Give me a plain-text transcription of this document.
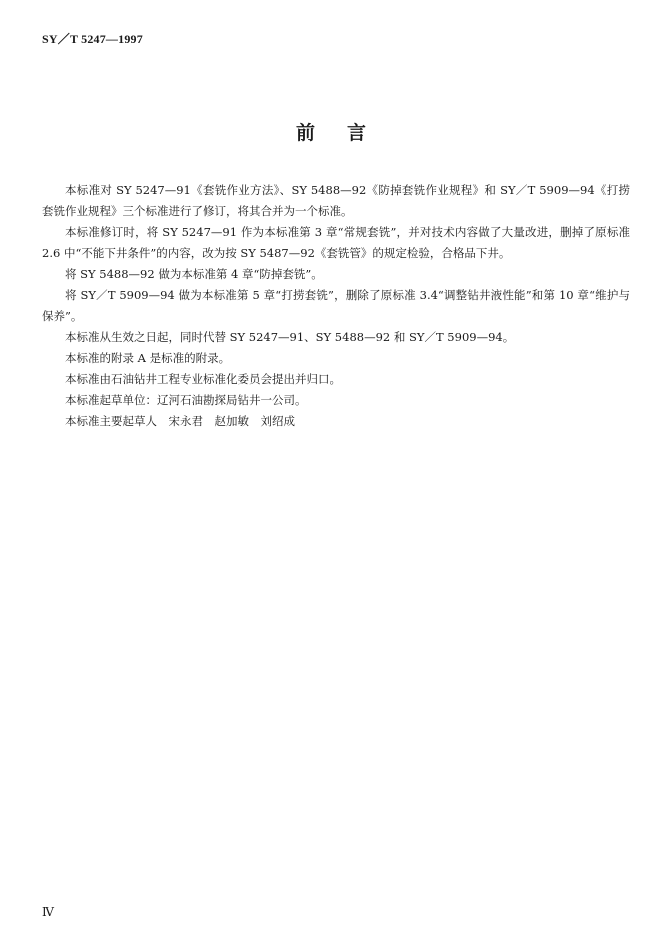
SY／T 5247—1997
前言

本标准对 SY 5247—91《套铣作业方法》、SY 5488—92《防掉套铣作业规程》和 SY／T 5909—94《打捞套铣作业规程》三个标准进行了修订，将其合并为一个标准。

本标准修订时，将 SY 5247—91 作为本标准第 3 章“常规套铣”，并对技术内容做了大量改进，删掉了原标准 2.6 中“不能下井条件”的内容，改为按 SY 5487—92《套铣管》的规定检验，合格品下井。

将 SY 5488—92 做为本标准第 4 章“防掉套铣”。

将 SY／T 5909—94 做为本标准第 5 章“打捞套铣”，删除了原标准 3.4“调整钻井液性能”和第 10 章“维护与保养”。

本标准从生效之日起，同时代替 SY 5247—91、SY 5488—92 和 SY／T 5909—94。

本标准的附录 A 是标准的附录。

本标准由石油钻井工程专业标准化委员会提出并归口。

本标准起草单位：辽河石油勘探局钻井一公司。

本标准主要起草人　宋永君　赵加敏　刘绍成

Ⅳ
